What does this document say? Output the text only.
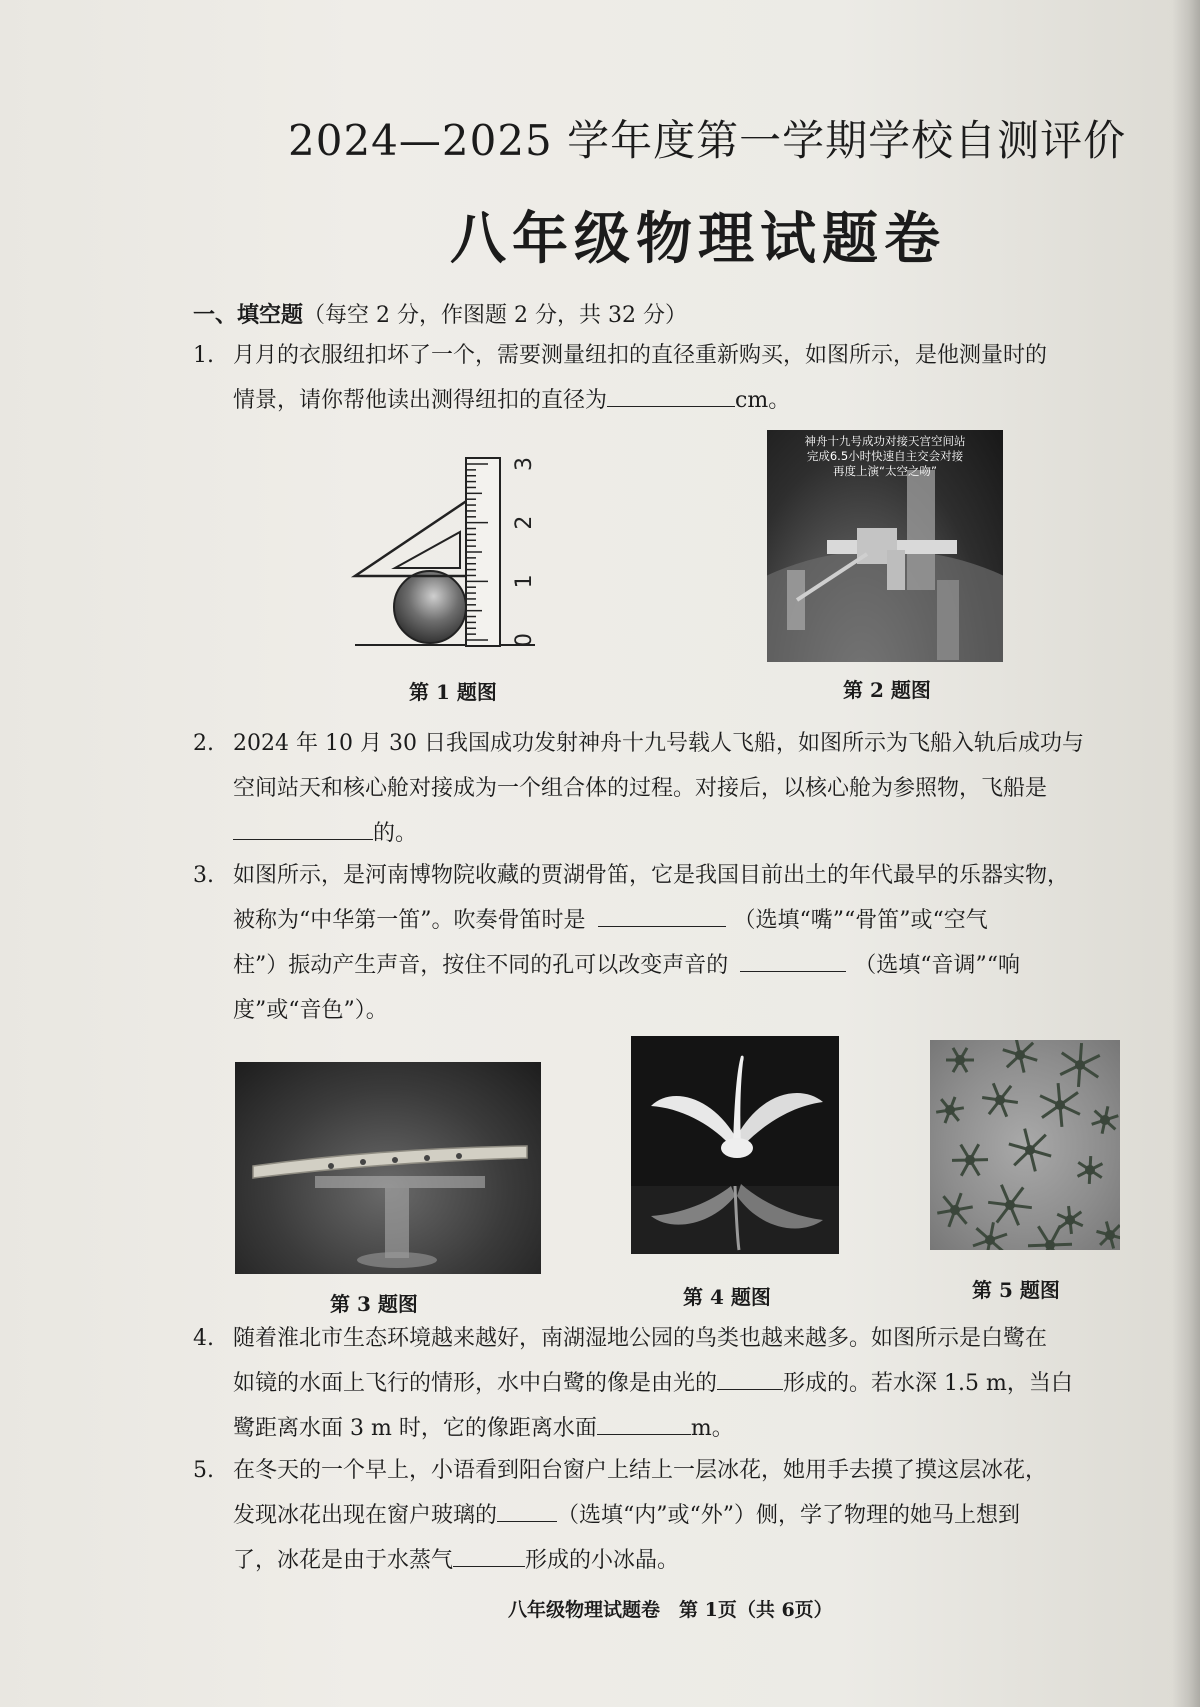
2024—2025 学年度第一学期学校自测评价
八年级物理试题卷
一、填空题（每空 2 分，作图题 2 分，共 32 分）
1. 月月的衣服纽扣坏了一个，需要测量纽扣的直径重新购买，如图所示，是他测量时的
情景，请你帮他读出测得纽扣的直径为	cm。
0
1
2
3
第 1 题图
神舟十九号成功对接天宫空间站
完成6.5小时快速自主交会对接
再度上演“太空之吻”
第 2 题图
2. 2024 年 10 月 30 日我国成功发射神舟十九号载人飞船，如图所示为飞船入轨后成功与
空间站天和核心舱对接成为一个组合体的过程。对接后，以核心舱为参照物，飞船是
的。
3. 如图所示，是河南博物院收藏的贾湖骨笛，它是我国目前出土的年代最早的乐器实物，
被称为“中华第一笛”。吹奏骨笛时是	（选填“嘴”“骨笛”或“空气
柱”）振动产生声音，按住不同的孔可以改变声音的	（选填“音调”“响
度”或“音色”）。
第 3 题图	第 4 题图	第 5 题图
4. 随着淮北市生态环境越来越好，南湖湿地公园的鸟类也越来越多。如图所示是白鹭在
如镜的水面上飞行的情形，水中白鹭的像是由光的	形成的。若水深 1.5 m，当白
鹭距离水面 3 m 时，它的像距离水面	m。
5. 在冬天的一个早上，小语看到阳台窗户上结上一层冰花，她用手去摸了摸这层冰花，
发现冰花出现在窗户玻璃的	（选填“内”或“外”）侧，学了物理的她马上想到
了，冰花是由于水蒸气	形成的小冰晶。
八年级物理试题卷　第 1页（共 6页）
